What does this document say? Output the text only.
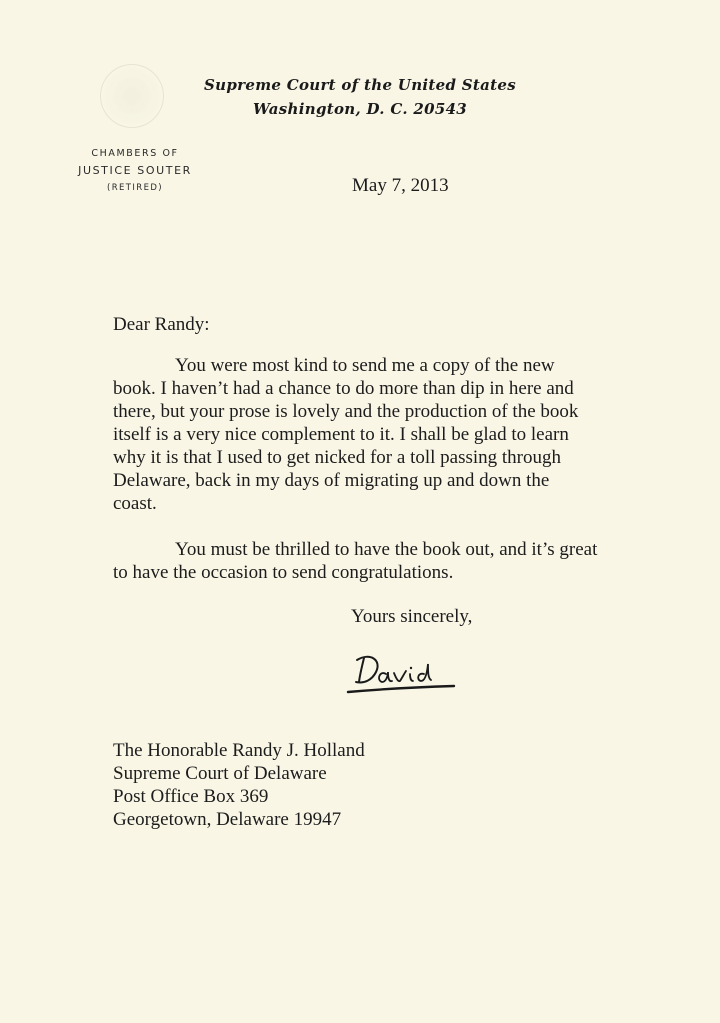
Supreme Court of the United States
Washington, D. C. 20543
CHAMBERS OF
JUSTICE SOUTER
(RETIRED)	May 7, 2013
Dear Randy:
You were most kind to send me a copy of the new
book. I haven’t had a chance to do more than dip in here and
there, but your prose is lovely and the production of the book
itself is a very nice complement to it. I shall be glad to learn
why it is that I used to get nicked for a toll passing through
Delaware, back in my days of migrating up and down the
coast.
You must be thrilled to have the book out, and it’s great
to have the occasion to send congratulations.
Yours sincerely,
The Honorable Randy J. Holland
Supreme Court of Delaware
Post Office Box 369
Georgetown, Delaware 19947
